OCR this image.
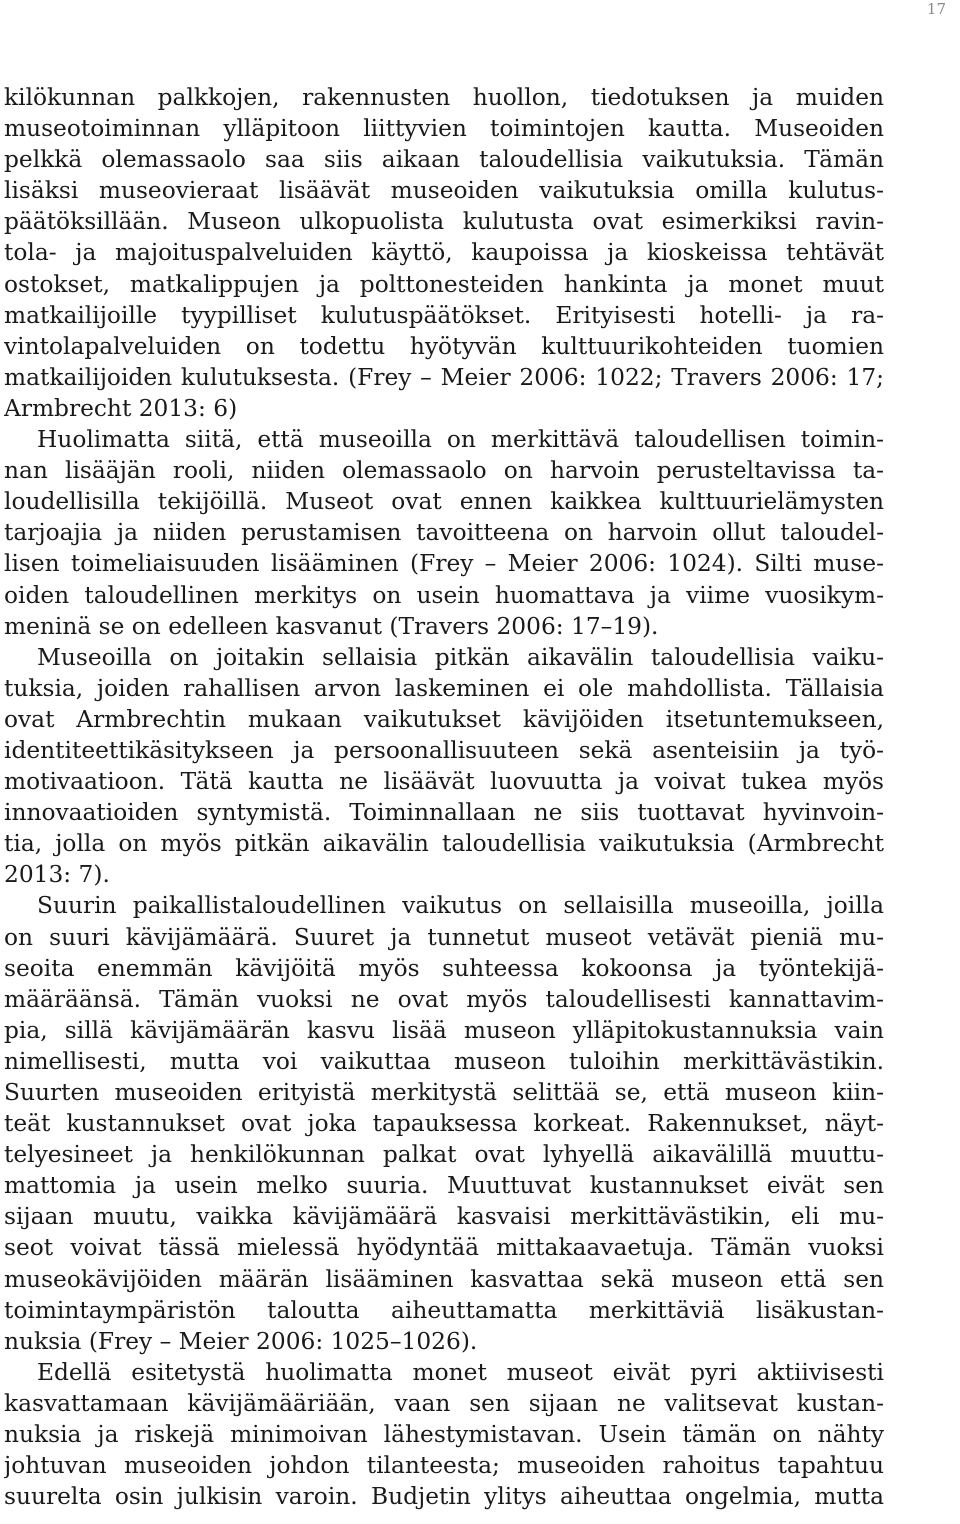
17
kilökunnan palkkojen, rakennusten huollon, tiedotuksen ja muiden
museotoiminnan ylläpitoon liittyvien toimintojen kautta. Museoiden
pelkkä olemassaolo saa siis aikaan taloudellisia vaikutuksia. Tämän
lisäksi museovieraat lisäävät museoiden vaikutuksia omilla kulutus-
päätöksillään. Museon ulkopuolista kulutusta ovat esimerkiksi ravin-
tola- ja majoituspalveluiden käyttö, kaupoissa ja kioskeissa tehtävät
ostokset, matkalippujen ja polttonesteiden hankinta ja monet muut
matkailijoille tyypilliset kulutuspäätökset. Erityisesti hotelli- ja ra-
vintolapalveluiden on todettu hyötyvän kulttuurikohteiden tuomien
matkailijoiden kulutuksesta. (Frey – Meier 2006: 1022; Travers 2006: 17;
Armbrecht 2013: 6)
Huolimatta siitä, että museoilla on merkittävä taloudellisen toimin-
nan lisääjän rooli, niiden olemassaolo on harvoin perusteltavissa ta-
loudellisilla tekijöillä. Museot ovat ennen kaikkea kulttuurielämysten
tarjoajia ja niiden perustamisen tavoitteena on harvoin ollut taloudel-
lisen toimeliaisuuden lisääminen (Frey – Meier 2006: 1024). Silti muse-
oiden taloudellinen merkitys on usein huomattava ja viime vuosikym-
meninä se on edelleen kasvanut (Travers 2006: 17–19).
Museoilla on joitakin sellaisia pitkän aikavälin taloudellisia vaiku-
tuksia, joiden rahallisen arvon laskeminen ei ole mahdollista. Tällaisia
ovat Armbrechtin mukaan vaikutukset kävijöiden itsetuntemukseen,
identiteettikäsitykseen ja persoonallisuuteen sekä asenteisiin ja työ-
motivaatioon. Tätä kautta ne lisäävät luovuutta ja voivat tukea myös
innovaatioiden syntymistä. Toiminnallaan ne siis tuottavat hyvinvoin-
tia, jolla on myös pitkän aikavälin taloudellisia vaikutuksia (Armbrecht
2013: 7).
Suurin paikallistaloudellinen vaikutus on sellaisilla museoilla, joilla
on suuri kävijämäärä. Suuret ja tunnetut museot vetävät pieniä mu-
seoita enemmän kävijöitä myös suhteessa kokoonsa ja työntekijä-
määräänsä. Tämän vuoksi ne ovat myös taloudellisesti kannattavim-
pia, sillä kävijämäärän kasvu lisää museon ylläpitokustannuksia vain
nimellisesti, mutta voi vaikuttaa museon tuloihin merkittävästikin.
Suurten museoiden erityistä merkitystä selittää se, että museon kiin-
teät kustannukset ovat joka tapauksessa korkeat. Rakennukset, näyt-
telyesineet ja henkilökunnan palkat ovat lyhyellä aikavälillä muuttu-
mattomia ja usein melko suuria. Muuttuvat kustannukset eivät sen
sijaan muutu, vaikka kävijämäärä kasvaisi merkittävästikin, eli mu-
seot voivat tässä mielessä hyödyntää mittakaavaetuja. Tämän vuoksi
museokävijöiden määrän lisääminen kasvattaa sekä museon että sen
toimintaympäristön taloutta aiheuttamatta merkittäviä lisäkustan-
nuksia (Frey – Meier 2006: 1025–1026).
Edellä esitetystä huolimatta monet museot eivät pyri aktiivisesti
kasvattamaan kävijämääriään, vaan sen sijaan ne valitsevat kustan-
nuksia ja riskejä minimoivan lähestymistavan. Usein tämän on nähty
johtuvan museoiden johdon tilanteesta; museoiden rahoitus tapahtuu
suurelta osin julkisin varoin. Budjetin ylitys aiheuttaa ongelmia, mutta
